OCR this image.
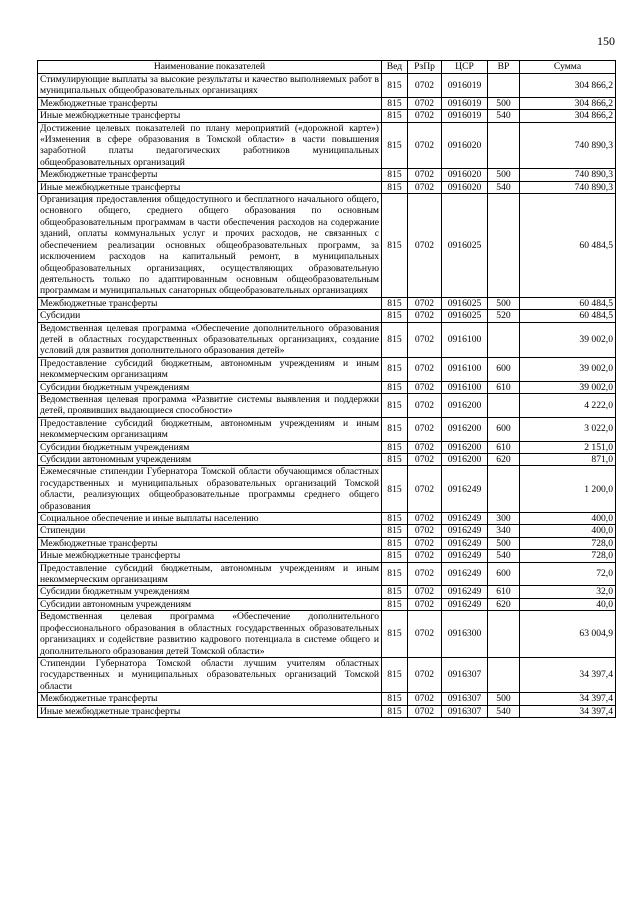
150
Наименование показателей	Вед	РзПр	ЦСР	ВР	Сумма
Стимулирующие выплаты за высокие результаты и качество выполняемых работ в муниципальных общеобразовательных организациях	815	0702	0916019		304 866,2
Межбюджетные трансферты	815	0702	0916019	500	304 866,2
Иные межбюджетные трансферты	815	0702	0916019	540	304 866,2
Достижение целевых показателей по плану мероприятий («дорожной карте») «Изменения в сфере образования в Томской области» в части повышения заработной платы педагогических работников муниципальных общеобразовательных организаций	815	0702	0916020		740 890,3
Межбюджетные трансферты	815	0702	0916020	500	740 890,3
Иные межбюджетные трансферты	815	0702	0916020	540	740 890,3
Организация предоставления общедоступного и бесплатного начального общего, основного общего, среднего общего образования по основным общеобразовательным программам в части обеспечения расходов на содержание зданий, оплаты коммунальных услуг и прочих расходов, не связанных с обеспечением реализации основных общеобразовательных программ, за исключением расходов на капитальный ремонт, в муниципальных общеобразовательных организациях, осуществляющих образовательную деятельность только по адаптированным основным общеобразовательным программам и муниципальных санаторных общеобразовательных организациях	815	0702	0916025		60 484,5
Межбюджетные трансферты	815	0702	0916025	500	60 484,5
Субсидии	815	0702	0916025	520	60 484,5
Ведомственная целевая программа «Обеспечение дополнительного образования детей в областных государственных образовательных организациях, создание условий для развития дополнительного образования детей»	815	0702	0916100		39 002,0
Предоставление субсидий бюджетным, автономным учреждениям и иным некоммерческим организациям	815	0702	0916100	600	39 002,0
Субсидии бюджетным учреждениям	815	0702	0916100	610	39 002,0
Ведомственная целевая программа «Развитие системы выявления и поддержки детей, проявивших выдающиеся способности»	815	0702	0916200		4 222,0
Предоставление субсидий бюджетным, автономным учреждениям и иным некоммерческим организациям	815	0702	0916200	600	3 022,0
Субсидии бюджетным учреждениям	815	0702	0916200	610	2 151,0
Субсидии автономным учреждениям	815	0702	0916200	620	871,0
Ежемесячные стипендии Губернатора Томской области обучающимся областных государственных и муниципальных образовательных организаций Томской области, реализующих общеобразовательные программы среднего общего образования	815	0702	0916249		1 200,0
Социальное обеспечение и иные выплаты населению	815	0702	0916249	300	400,0
Стипендии	815	0702	0916249	340	400,0
Межбюджетные трансферты	815	0702	0916249	500	728,0
Иные межбюджетные трансферты	815	0702	0916249	540	728,0
Предоставление субсидий бюджетным, автономным учреждениям и иным некоммерческим организациям	815	0702	0916249	600	72,0
Субсидии бюджетным учреждениям	815	0702	0916249	610	32,0
Субсидии автономным учреждениям	815	0702	0916249	620	40,0
Ведомственная целевая программа «Обеспечение дополнительного профессионального образования в областных государственных образовательных организациях и содействие развитию кадрового потенциала в системе общего и дополнительного образования детей Томской области»	815	0702	0916300		63 004,9
Стипендии Губернатора Томской области лучшим учителям областных государственных и муниципальных образовательных организаций Томской области	815	0702	0916307		34 397,4
Межбюджетные трансферты	815	0702	0916307	500	34 397,4
Иные межбюджетные трансферты	815	0702	0916307	540	34 397,4
